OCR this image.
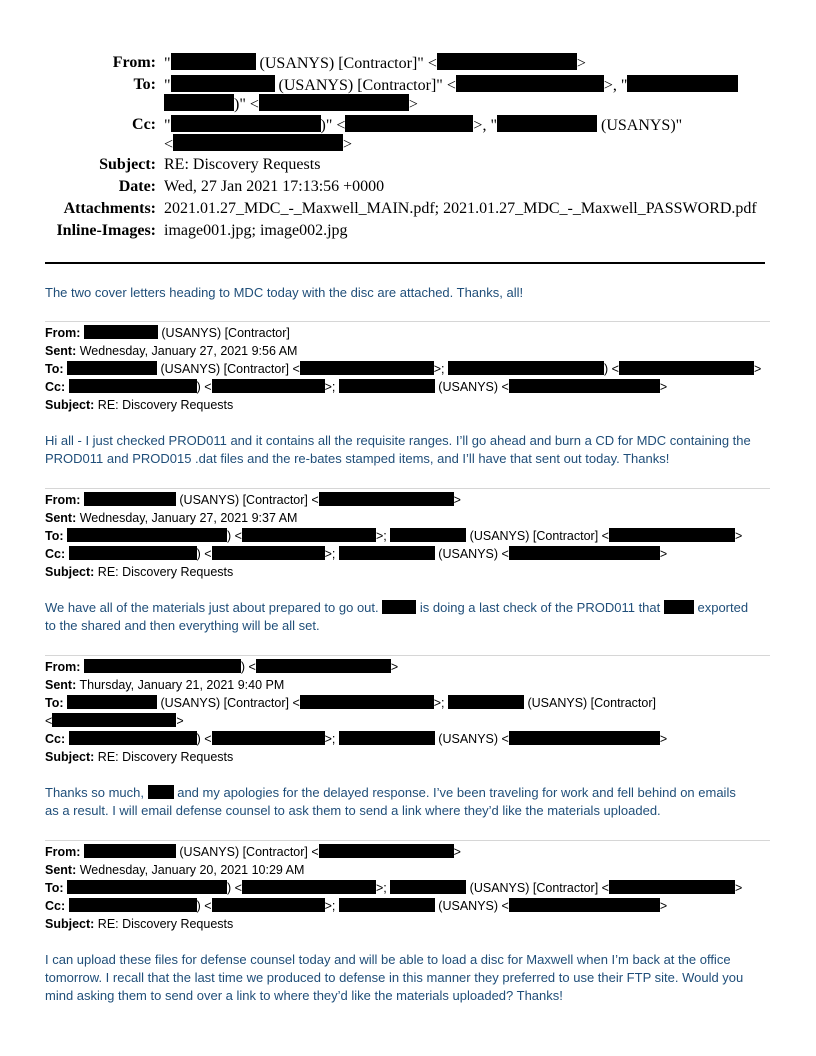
From: "	(USANYS) [Contractor]" <	>
To: "	(USANYS) [Contractor]" <	>, "
)" <	>
Cc: "	)" <	>, "	(USANYS)"
<	>
Subject: RE: Discovery Requests
Date: Wed, 27 Jan 2021 17:13:56 +0000
Attachments: 2021.01.27_MDC_-_Maxwell_MAIN.pdf; 2021.01.27_MDC_-_Maxwell_PASSWORD.pdf
Inline-Images: image001.jpg; image002.jpg
The two cover letters heading to MDC today with the disc are attached. Thanks, all!
From:	(USANYS) [Contractor]
Sent: Wednesday, January 27, 2021 9:56 AM
To:	(USANYS) [Contractor] <	>;	) <	>
Cc:	) <	>;	(USANYS) <	>
Subject: RE: Discovery Requests
Hi all - I just checked PROD011 and it contains all the requisite ranges. I’ll go ahead and burn a CD for MDC containing the PROD011 and PROD015 .dat files and the re-bates stamped items, and I’ll have that sent out today. Thanks!
From:	(USANYS) [Contractor] <	>
Sent: Wednesday, January 27, 2021 9:37 AM
To:	) <	>;	(USANYS) [Contractor] <	>
Cc:	) <	>;	(USANYS) <	>
Subject: RE: Discovery Requests
We have all of the materials just about prepared to go out.	is doing a last check of the PROD011 that  exported
to the shared and then everything will be all set.
From:	) <	>
Sent: Thursday, January 21, 2021 9:40 PM
To:	(USANYS) [Contractor] <	>;	(USANYS) [Contractor]
<	>
Cc:	) <	>;	(USANYS) <	>
Subject: RE: Discovery Requests
Thanks so much,  and my apologies for the delayed response. I’ve been traveling for work and fell behind on emails
as a result. I will email defense counsel to ask them to send a link where they’d like the materials uploaded.
From:	(USANYS) [Contractor] <	>
Sent: Wednesday, January 20, 2021 10:29 AM
To:	) <	>;	(USANYS) [Contractor] <	>
Cc:	) <	>;	(USANYS) <	>
Subject: RE: Discovery Requests
I can upload these files for defense counsel today and will be able to load a disc for Maxwell when I’m back at the office tomorrow. I recall that the last time we produced to defense in this manner they preferred to use their FTP site. Would you mind asking them to send over a link to where they’d like the materials uploaded? Thanks!
